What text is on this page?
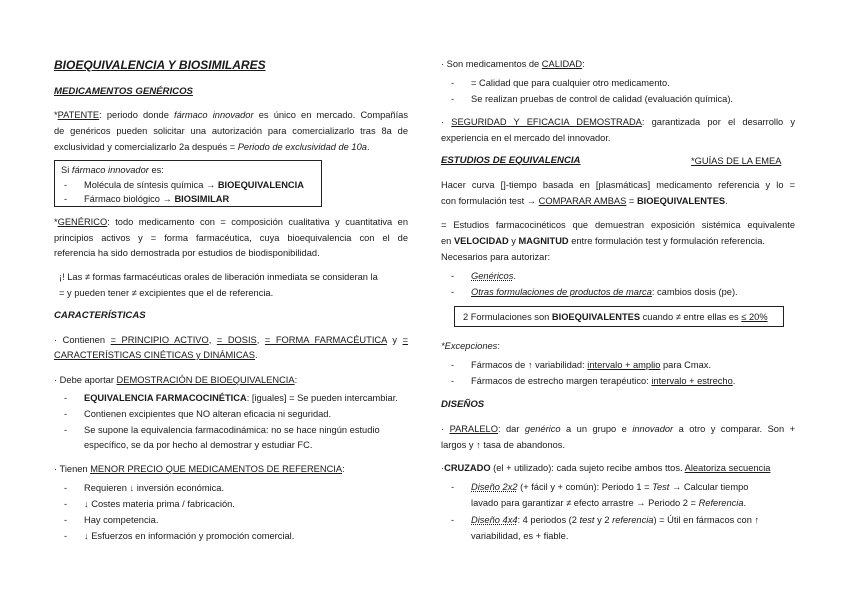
BIOEQUIVALENCIA Y BIOSIMILARES
MEDICAMENTOS GENÉRICOS
*PATENTE: periodo donde fármaco innovador es único en mercado. Compañías
de genéricos pueden solicitar una autorización para comercializarlo tras 8a de
exclusividad y comercializarlo 2a después = Periodo de exclusividad de 10a.
Si fármaco innovador es:
- Molécula de síntesis química → BIOEQUIVALENCIA
- Fármaco biológico → BIOSIMILAR
*GENÉRICO: todo medicamento con = composición cualitativa y cuantitativa en
principios activos y = forma farmacéutica, cuya bioequivalencia con el de
referencia ha sido demostrada por estudios de biodisponibilidad.
¡! Las ≠ formas farmacéuticas orales de liberación inmediata se consideran la
= y pueden tener ≠ excipientes que el de referencia.
CARACTERÍSTICAS
· Contienen = PRINCIPIO ACTIVO, = DOSIS, = FORMA FARMACÉUTICA y =
CARACTERÍSTICAS CINÉTICAS y DINÁMICAS.
· Debe aportar DEMOSTRACIÓN DE BIOEQUIVALENCIA:
- EQUIVALENCIA FARMACOCINÉTICA: [iguales] = Se pueden intercambiar.
- Contienen excipientes que NO alteran eficacia ni seguridad.
- Se supone la equivalencia farmacodinámica: no se hace ningún estudio
específico, se da por hecho al demostrar y estudiar FC.
· Tienen MENOR PRECIO QUE MEDICAMENTOS DE REFERENCIA:
- Requieren ↓ inversión económica.
- ↓ Costes materia prima / fabricación.
- Hay competencia.
- ↓ Esfuerzos en información y promoción comercial.
· Son medicamentos de CALIDAD:
- = Calidad que para cualquier otro medicamento.
- Se realizan pruebas de control de calidad (evaluación química).
· SEGURIDAD Y EFICACIA DEMOSTRADA: garantizada por el desarrollo y
experiencia en el mercado del innovador.
ESTUDIOS DE EQUIVALENCIA	*GUÍAS DE LA EMEA
Hacer curva []-tiempo basada en [plasmáticas] medicamento referencia y lo =
con formulación test → COMPARAR AMBAS = BIOEQUIVALENTES.
= Estudios farmacocinéticos que demuestran exposición sistémica equivalente
en VELOCIDAD y MAGNITUD entre formulación test y formulación referencia.
Necesarios para autorizar:
- Genéricos.
- Otras formulaciones de productos de marca: cambios dosis (pe).
2 Formulaciones son BIOEQUIVALENTES cuando ≠ entre ellas es ≤ 20%
*Excepciones:
- Fármacos de ↑ variabilidad: intervalo + amplio para Cmax.
- Fármacos de estrecho margen terapéutico: intervalo + estrecho.
DISEÑOS
· PARALELO: dar genérico a un grupo e innovador a otro y comparar. Son +
largos y ↑ tasa de abandonos.
·CRUZADO (el + utilizado): cada sujeto recibe ambos ttos. Aleatoriza secuencia
- Diseño 2x2 (+ fácil y + común): Periodo 1 = Test → Calcular tiempo
lavado para garantizar ≠ efecto arrastre → Periodo 2 = Referencia.
- Diseño 4x4: 4 periodos (2 test y 2 referencia) = Útil en fármacos con ↑
variabilidad, es + fiable.
